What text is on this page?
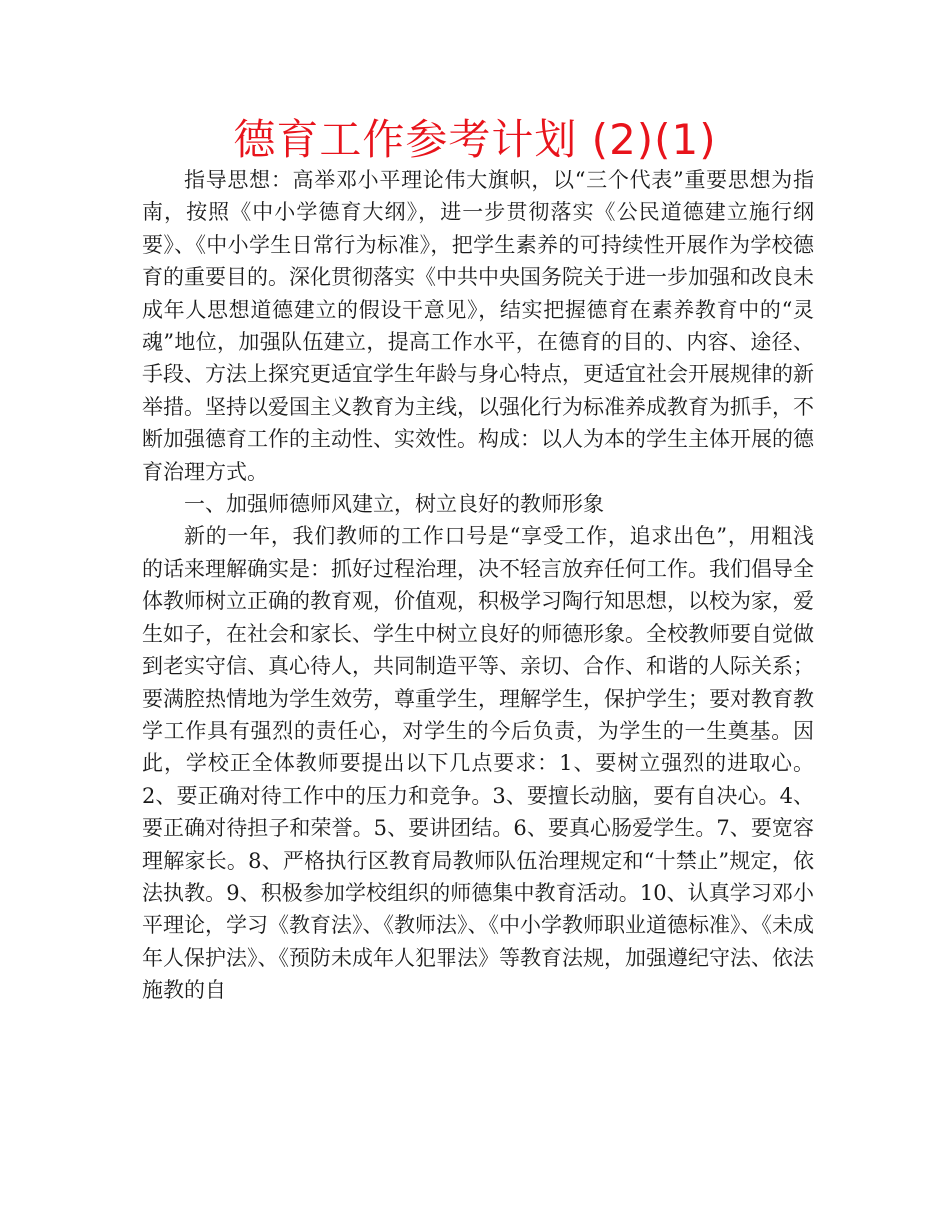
德育工作参考计划 (2)(1)

指导思想：高举邓小平理论伟大旗帜，以“三个代表”重要思想为指南，按照《中小学德育大纲》，进一步贯彻落实《公民道德建立施行纲要》、《中小学生日常行为标准》，把学生素养的可持续性开展作为学校德育的重要目的。深化贯彻落实《中共中央国务院关于进一步加强和改良未成年人思想道德建立的假设干意见》，结实把握德育在素养教育中的“灵魂”地位，加强队伍建立，提高工作水平，在德育的目的、内容、途径、手段、方法上探究更适宜学生年龄与身心特点，更适宜社会开展规律的新举措。坚持以爱国主义教育为主线，以强化行为标准养成教育为抓手，不断加强德育工作的主动性、实效性。构成：以人为本的学生主体开展的德育治理方式。

一、加强师德师风建立，树立良好的教师形象

新的一年，我们教师的工作口号是“享受工作，追求出色”，用粗浅的话来理解确实是：抓好过程治理，决不轻言放弃任何工作。我们倡导全体教师树立正确的教育观，价值观，积极学习陶行知思想，以校为家，爱生如子，在社会和家长、学生中树立良好的师德形象。全校教师要自觉做到老实守信、真心待人，共同制造平等、亲切、合作、和谐的人际关系；要满腔热情地为学生效劳，尊重学生，理解学生，保护学生；要对教育教学工作具有强烈的责任心，对学生的今后负责，为学生的一生奠基。因此，学校正全体教师要提出以下几点要求：1、要树立强烈的进取心。2、要正确对待工作中的压力和竞争。3、要擅长动脑，要有自决心。4、要正确对待担子和荣誉。5、要讲团结。6、要真心肠爱学生。7、要宽容理解家长。8、严格执行区教育局教师队伍治理规定和“十禁止”规定，依法执教。9、积极参加学校组织的师德集中教育活动。10、认真学习邓小平理论，学习《教育法》、《教师法》、《中小学教师职业道德标准》、《未成年人保护法》、《预防未成年人犯罪法》等教育法规，加强遵纪守法、依法施教的自
